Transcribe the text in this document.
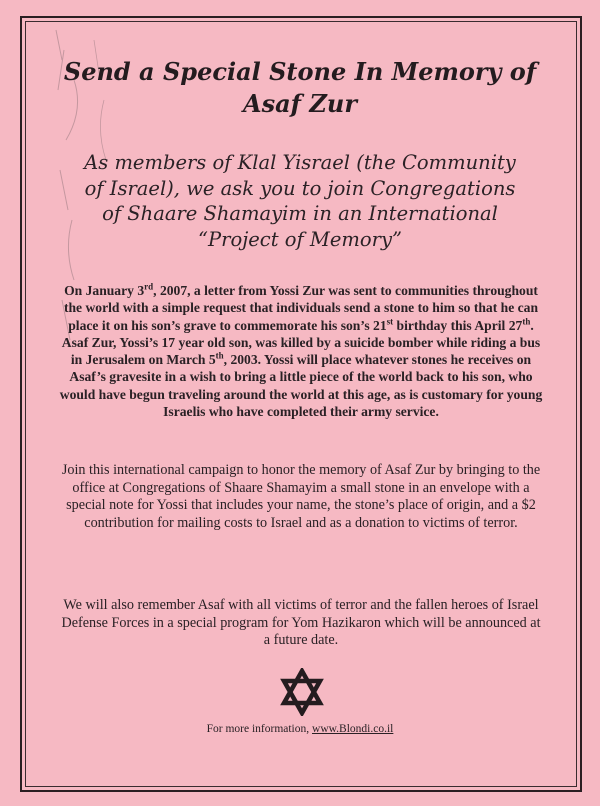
Send a Special Stone In Memory of
Asaf Zur

As members of Klal Yisrael (the Community
of Israel), we ask you to join Congregations
of Shaare Shamayim in an International
“Project of Memory”

On January 3rd, 2007, a letter from Yossi Zur was sent to communities throughout the world with a simple request that individuals send a stone to him so that he can place it on his son’s grave to commemorate his son’s 21st birthday this April 27th. Asaf Zur, Yossi’s 17 year old son, was killed by a suicide bomber while riding a bus in Jerusalem on March 5th, 2003. Yossi will place whatever stones he receives on Asaf’s gravesite in a wish to bring a little piece of the world back to his son, who would have begun traveling around the world at this age, as is customary for young Israelis who have completed their army service.

Join this international campaign to honor the memory of Asaf Zur by bringing to the office at Congregations of Shaare Shamayim a small stone in an envelope with a special note for Yossi that includes your name, the stone’s place of origin, and a $2 contribution for mailing costs to Israel and as a donation to victims of terror.

We will also remember Asaf with all victims of terror and the fallen heroes of Israel Defense Forces in a special program for Yom Hazikaron which will be announced at a future date.

For more information, www.Blondi.co.il
